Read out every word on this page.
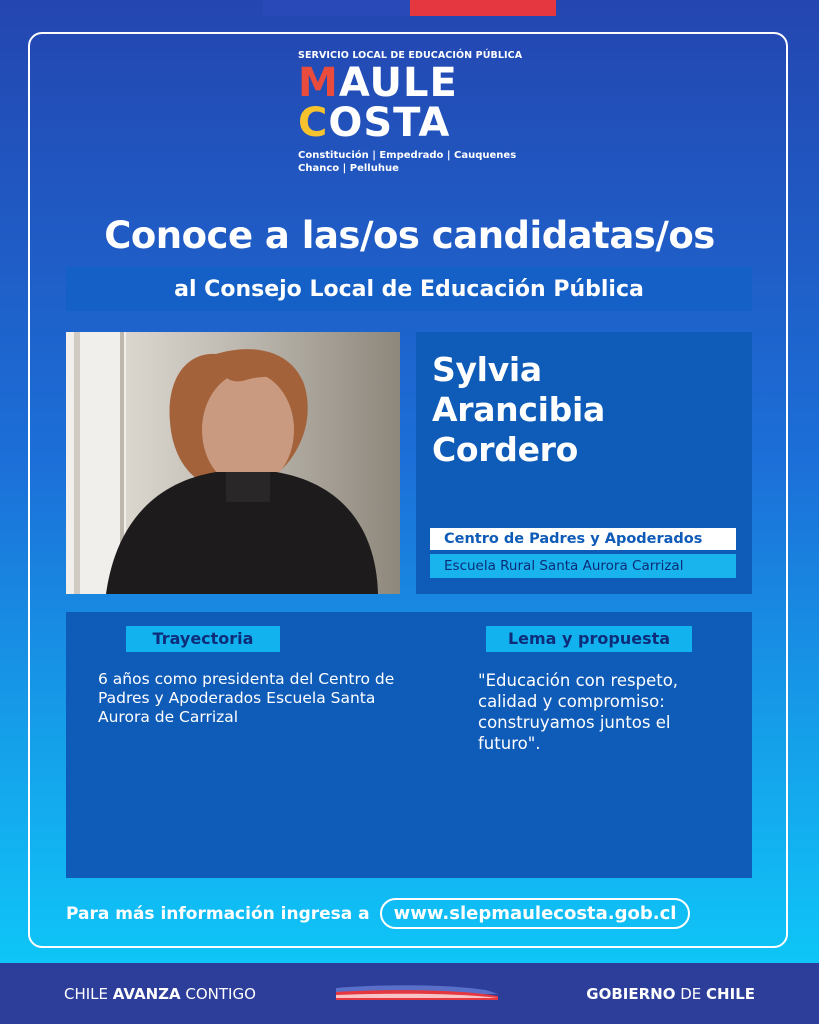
SERVICIO LOCAL DE EDUCACIÓN PÚBLICA
MAULE
COSTA
Constitución | Empedrado | Cauquenes
Chanco | Pelluhue
Conoce a las/os candidatas/os
al Consejo Local de Educación Pública
Sylvia
Arancibia
Cordero
Centro de Padres y Apoderados
Escuela Rural Santa Aurora Carrizal
Trayectoria
6 años como presidenta del Centro de Padres y Apoderados Escuela Santa Aurora de Carrizal
Lema y propuesta
"Educación con respeto, calidad y compromiso: construyamos juntos el futuro".
Para más información ingresa a	www.slepmaulecosta.gob.cl
CHILE AVANZA CONTIGO	GOBIERNO DE CHILE
